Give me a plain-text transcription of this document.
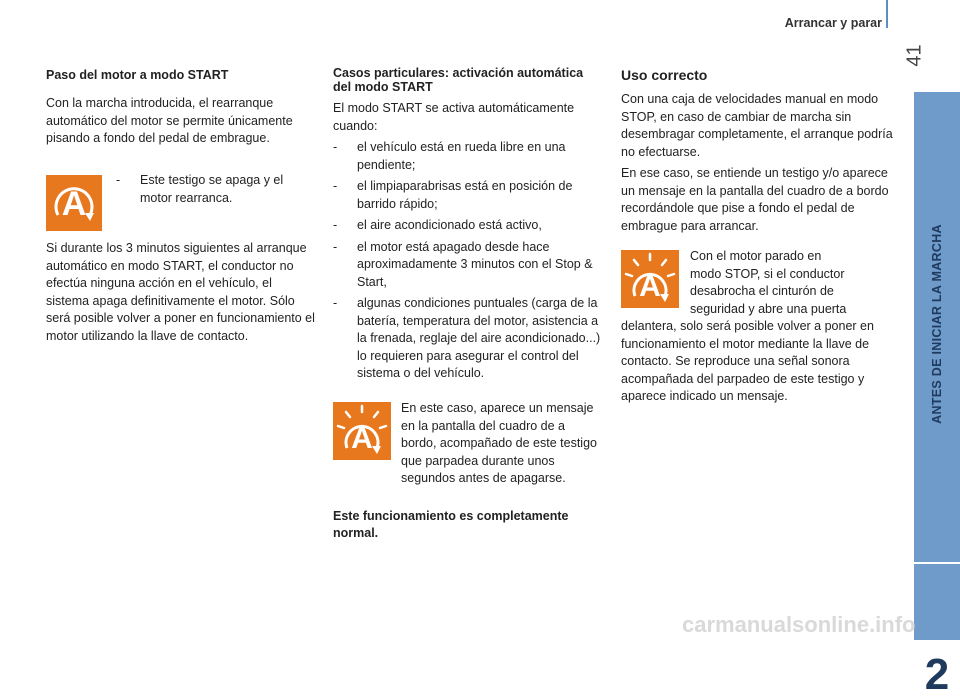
Arrancar y parar
41
ANTES DE INICIAR LA MARCHA
2

Paso del motor a modo START

Con la marcha introducida, el rearranque automático del motor se permite únicamente pisando a fondo del pedal de embrague.

A
-	Este testigo se apaga y el motor rearranca.

Si durante los 3 minutos siguientes al arranque automático en modo START, el conductor no efectúa ninguna acción en el vehículo, el sistema apaga definitivamente el motor. Sólo será posible volver a poner en funcionamiento el motor utilizando la llave de contacto.

Casos particulares: activación automática del modo START

El modo START se activa automáticamente cuando:

- el vehículo está en rueda libre en una pendiente;
- el limpiaparabrisas está en posición de barrido rápido;
- el aire acondicionado está activo,
- el motor está apagado desde hace aproximadamente 3 minutos con el Stop & Start,
- algunas condiciones puntuales (carga de la batería, temperatura del motor, asistencia a la frenada, reglaje del aire acondicionado...) lo requieren para asegurar el control del sistema o del vehículo.
A

En este caso, aparece un mensaje en la pantalla del cuadro de a bordo, acompañado de este testigo que parpadea durante unos segundos antes de apagarse.

Este funcionamiento es completamente normal.

Uso correcto

Con una caja de velocidades manual en modo STOP, en caso de cambiar de marcha sin desembragar completamente, el arranque podría no efectuarse.

En ese caso, se entiende un testigo y/o aparece un mensaje en la pantalla del cuadro de a bordo recordándole que pise a fondo el pedal de embrague para arrancar.

A

Con el motor parado en

modo STOP, si el conductor

desabrocha el cinturón de

seguridad y abre una puerta

delantera, solo será posible volver a poner en funcionamiento el motor mediante la llave de contacto. Se reproduce una señal sonora acompañada del parpadeo de este testigo y aparece indicado un mensaje.

carmanualsonline.info
